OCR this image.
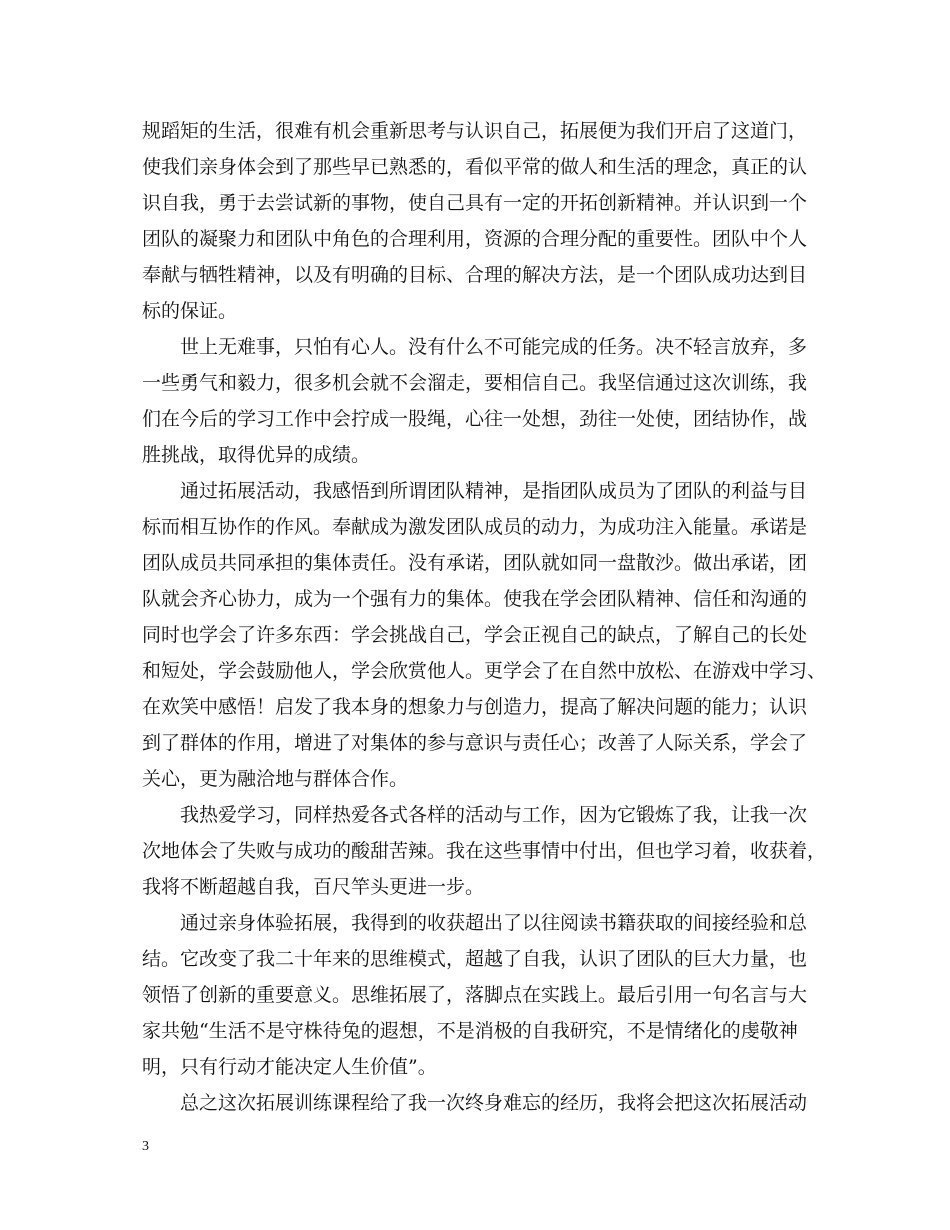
规蹈矩的生活，很难有机会重新思考与认识自己，拓展便为我们开启了这道门，
使我们亲身体会到了那些早已熟悉的，看似平常的做人和生活的理念，真正的认
识自我，勇于去尝试新的事物，使自己具有一定的开拓创新精神。并认识到一个
团队的凝聚力和团队中角色的合理利用，资源的合理分配的重要性。团队中个人
奉献与牺牲精神，以及有明确的目标、合理的解决方法，是一个团队成功达到目
标的保证。
世上无难事，只怕有心人。没有什么不可能完成的任务。决不轻言放弃，多
一些勇气和毅力，很多机会就不会溜走，要相信自己。我坚信通过这次训练，我
们在今后的学习工作中会拧成一股绳，心往一处想，劲往一处使，团结协作，战
胜挑战，取得优异的成绩。
通过拓展活动，我感悟到所谓团队精神，是指团队成员为了团队的利益与目
标而相互协作的作风。奉献成为激发团队成员的动力，为成功注入能量。承诺是
团队成员共同承担的集体责任。没有承诺，团队就如同一盘散沙。做出承诺，团
队就会齐心协力，成为一个强有力的集体。使我在学会团队精神、信任和沟通的
同时也学会了许多东西：学会挑战自己，学会正视自己的缺点，了解自己的长处
和短处，学会鼓励他人，学会欣赏他人。更学会了在自然中放松、在游戏中学习、
在欢笑中感悟！启发了我本身的想象力与创造力，提高了解决问题的能力；认识
到了群体的作用，增进了对集体的参与意识与责任心；改善了人际关系，学会了
关心，更为融洽地与群体合作。
我热爱学习，同样热爱各式各样的活动与工作，因为它锻炼了我，让我一次
次地体会了失败与成功的酸甜苦辣。我在这些事情中付出，但也学习着，收获着，
我将不断超越自我，百尺竿头更进一步。
通过亲身体验拓展，我得到的收获超出了以往阅读书籍获取的间接经验和总
结。它改变了我二十年来的思维模式，超越了自我，认识了团队的巨大力量，也
领悟了创新的重要意义。思维拓展了，落脚点在实践上。最后引用一句名言与大
家共勉“生活不是守株待兔的遐想，不是消极的自我研究，不是情绪化的虔敬神
明，只有行动才能决定人生价值”。
总之这次拓展训练课程给了我一次终身难忘的经历，我将会把这次拓展活动
3
